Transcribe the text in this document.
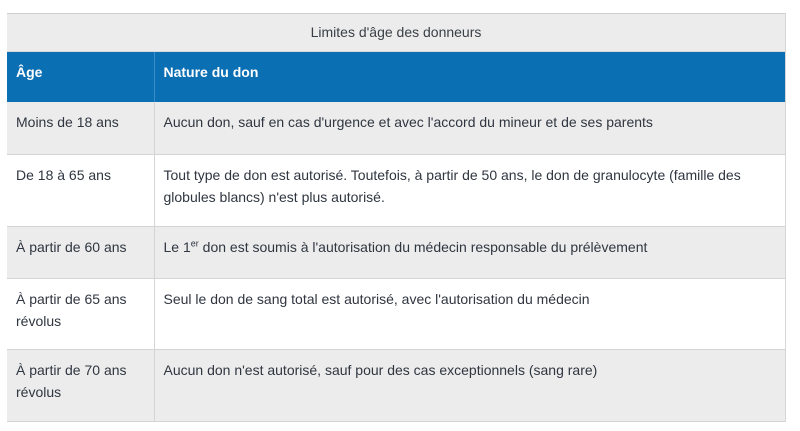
Limites d'âge des donneurs
Âge	Nature du don
Moins de 18 ans	Aucun don, sauf en cas d'urgence et avec l'accord du mineur et de ses parents
De 18 à 65 ans	Tout type de don est autorisé. Toutefois, à partir de 50 ans, le don de granulocyte (famille des globules blancs) n'est plus autorisé.
À partir de 60 ans	Le 1er don est soumis à l'autorisation du médecin responsable du prélèvement
À partir de 65 ans révolus	Seul le don de sang total est autorisé, avec l'autorisation du médecin
À partir de 70 ans révolus	Aucun don n'est autorisé, sauf pour des cas exceptionnels (sang rare)
